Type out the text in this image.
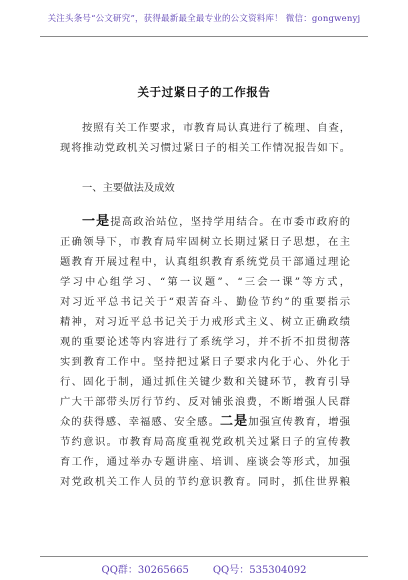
关注头条号“公文研究”，获得最新最全最专业的公文资料库！ 微信：gongwenyj
关于过紧日子的工作报告
按照有关工作要求，市教育局认真进行了梳理、自查，
现将推动党政机关习惯过紧日子的相关工作情况报告如下。
一、主要做法及成效
一是提高政治站位，坚持学用结合。在市委市政府的
正确领导下，市教育局牢固树立长期过紧日子思想，在主
题教育开展过程中，认真组织教育系统党员干部通过理论
学习中心组学习、“第一议题”、“三会一课”等方式，
对习近平总书记关于“艰苦奋斗、勤俭节约”的重要指示
精神，对习近平总书记关于力戒形式主义、树立正确政绩
观的重要论述等内容进行了系统学习，并不折不扣贯彻落
实到教育工作中。坚持把过紧日子要求内化于心、外化于
行、固化于制，通过抓住关键少数和关键环节，教育引导
广大干部带头厉行节约、反对铺张浪费，不断增强人民群
众的获得感、幸福感、安全感。二是加强宣传教育，增强
节约意识。市教育局高度重视党政机关过紧日子的宣传教
育工作，通过举办专题讲座、培训、座谈会等形式，加强
对党政机关工作人员的节约意识教育。同时，抓住世界粮
QQ群：30265665 QQ号：535304092
